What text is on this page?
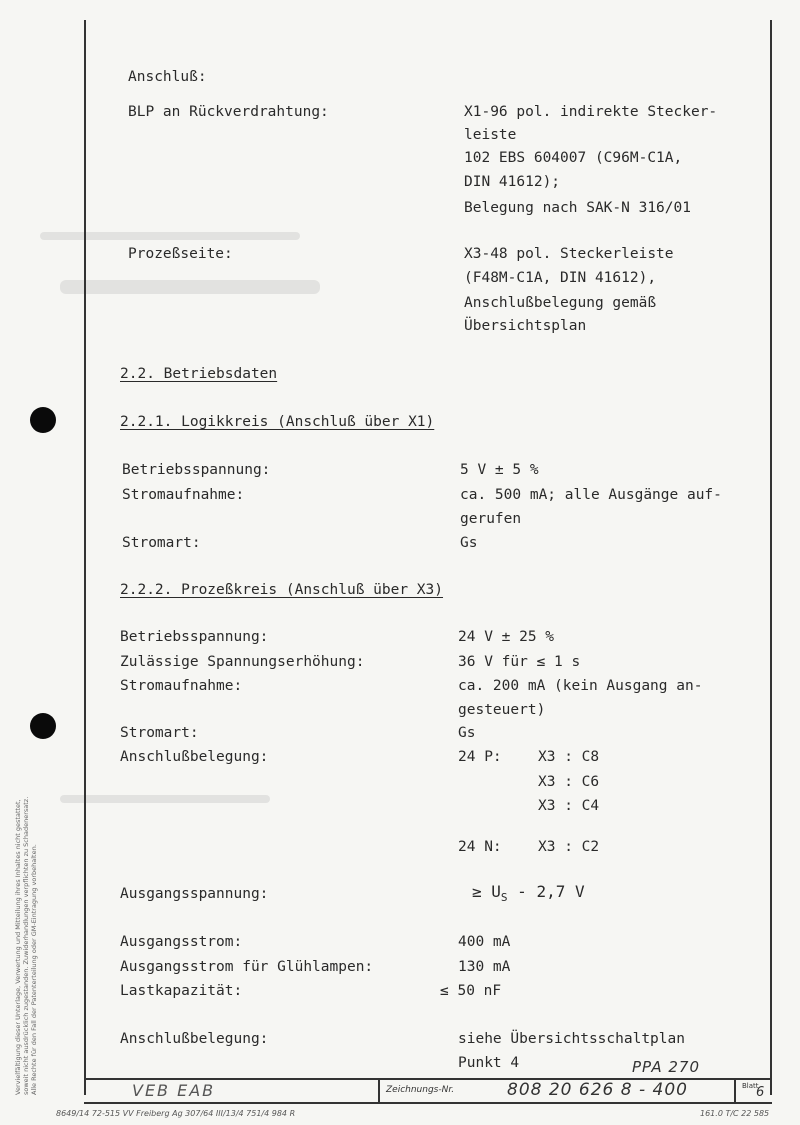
Vervielfältigung dieser Unterlage, Verwertung und Mitteilung ihres Inhaltes nicht gestattet, soweit nicht ausdrücklich zugestanden. Zuwiderhandlungen verpflichten zu Schadenersatz. Alle Rechte für den Fall der Patenterteilung oder GM-Eintragung vorbehalten.
Anschluß:
BLP an Rückverdrahtung:	X1-96 pol. indirekte Stecker-
leiste
102 EBS 604007 (C96M-C1A,
DIN 41612);
Belegung nach SAK-N 316/01
Prozeßseite:	X3-48 pol. Steckerleiste
(F48M-C1A, DIN 41612),
Anschlußbelegung gemäß
Übersichtsplan
2.2. Betriebsdaten
2.2.1. Logikkreis (Anschluß über X1)
Betriebsspannung:	5 V ± 5 %
Stromaufnahme:	ca. 500 mA; alle Ausgänge auf-
gerufen
Stromart:	Gs
2.2.2. Prozeßkreis (Anschluß über X3)
Betriebsspannung:	24 V ± 25 %
Zulässige Spannungserhöhung:	36 V für ≤ 1 s
Stromaufnahme:	ca. 200 mA (kein Ausgang an-
gesteuert)
Stromart:	Gs
Anschlußbelegung:	24 P:	X3 : C8
X3 : C6
X3 : C4
24 N:	X3 : C2
Ausgangsspannung:	≥ $U_S - 2,7$ V
Ausgangsstrom:	400 mA
Ausgangsstrom für Glühlampen:	130 mA
Lastkapazität:	≤ 50 nF
Anschlußbelegung:	siehe Übersichtsschaltplan
Punkt 4	PPA 270
VEB EAB	Zeichnungs-Nr.	808 20 626 8 - 400	Blatt
6
8649/14 72-515 VV Freiberg Ag 307/64 III/13/4 751/4 984 R	161.0 T/C 22 585
